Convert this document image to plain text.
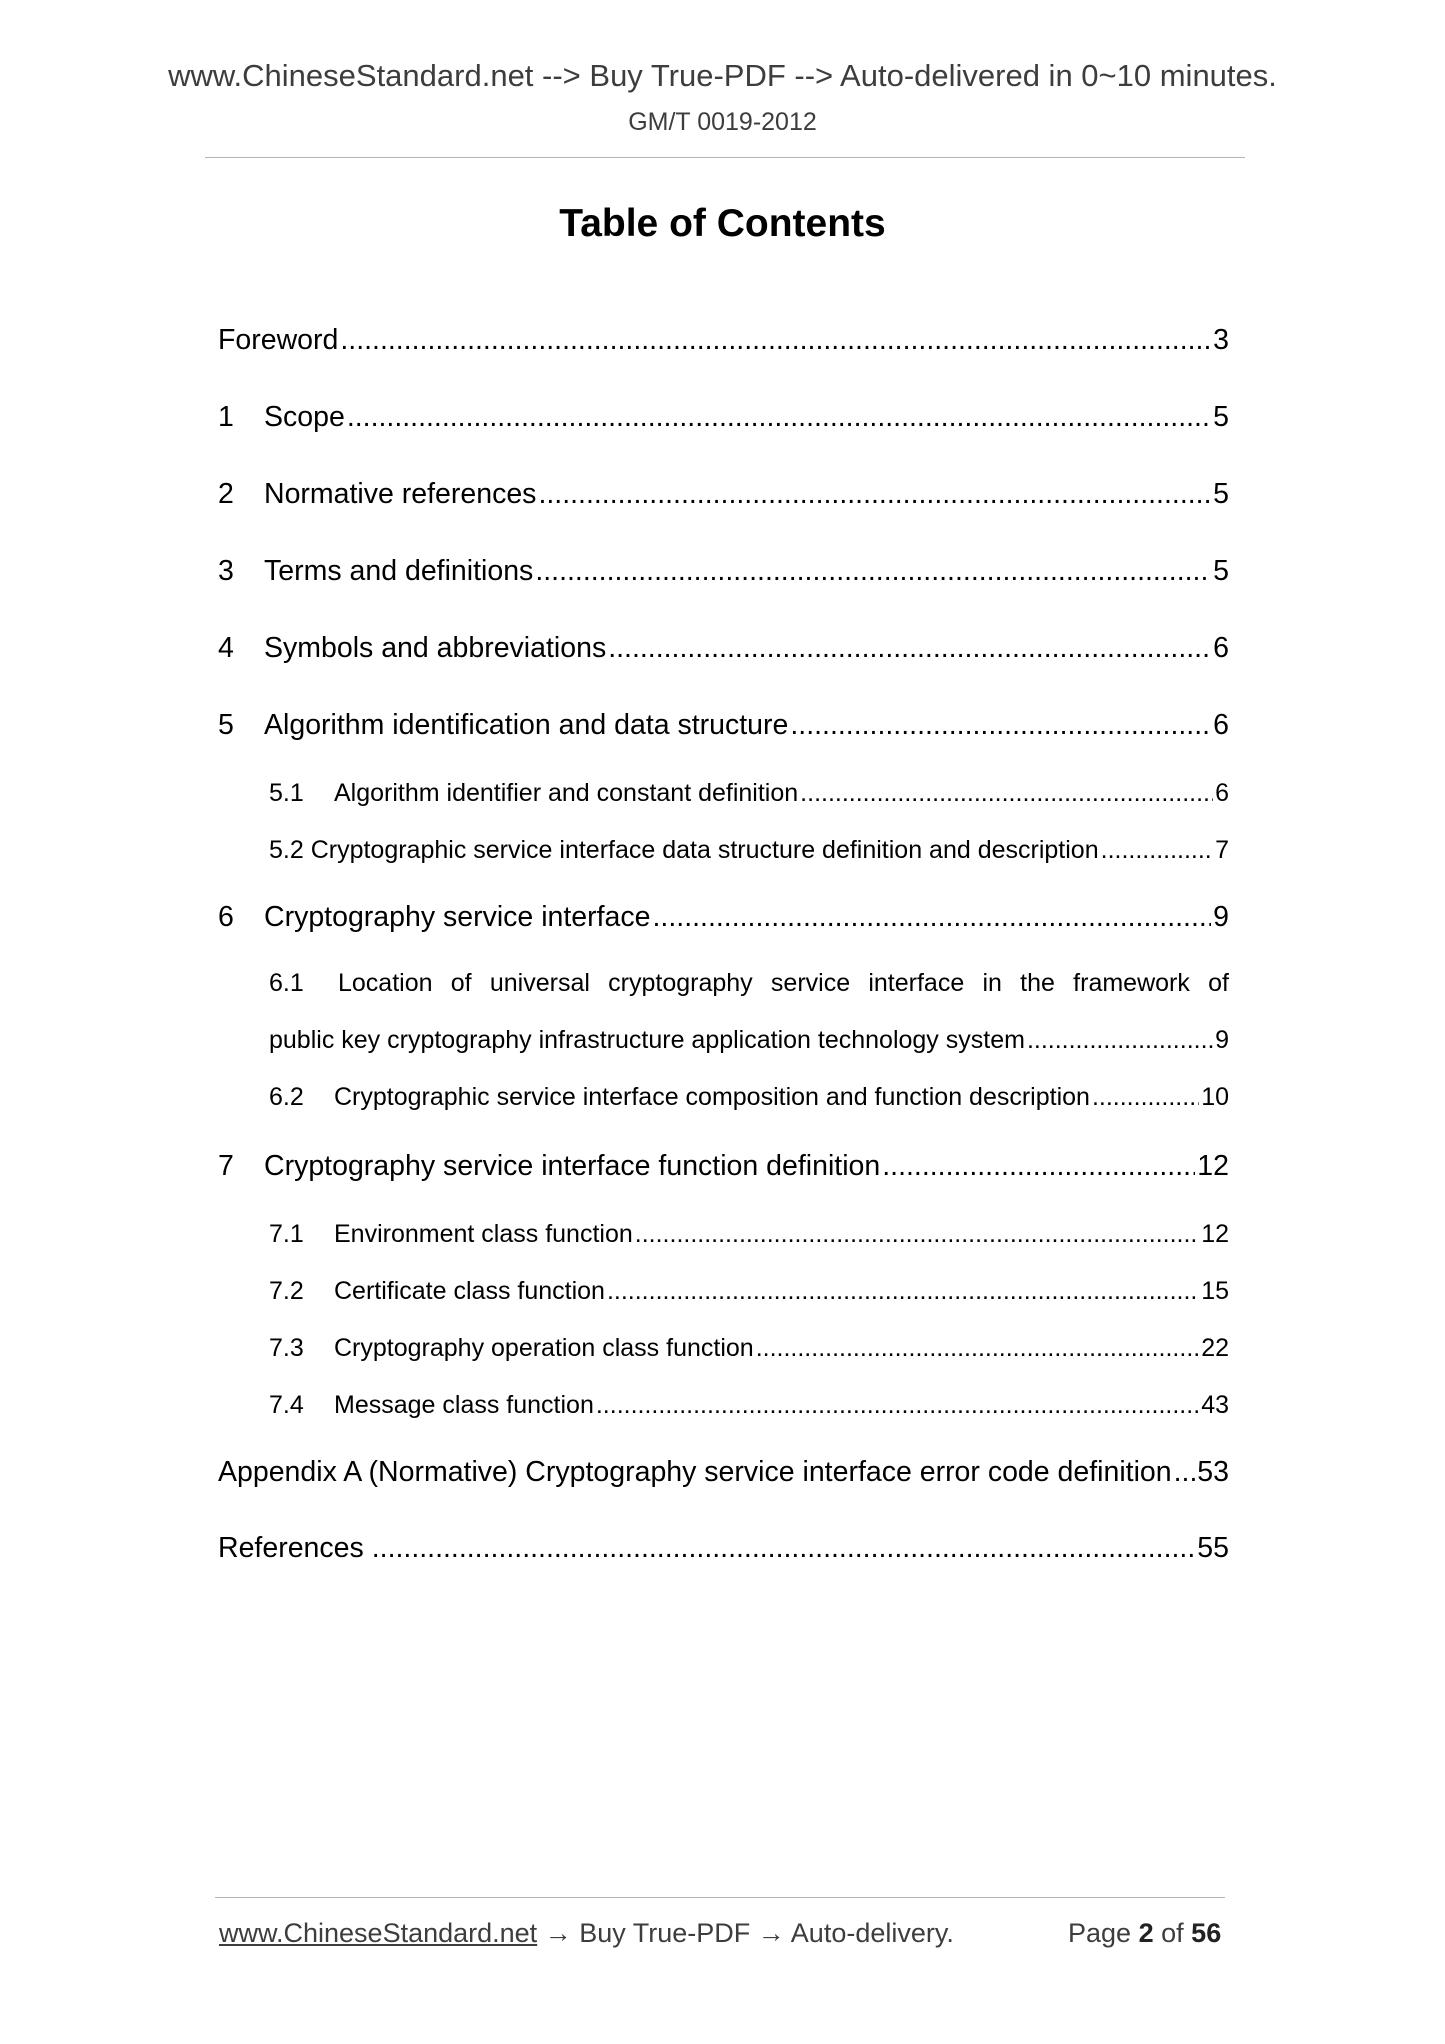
www.ChineseStandard.net --> Buy True-PDF --> Auto-delivered in 0~10 minutes.
GM/T 0019-2012
Table of Contents
Foreword .....	3
1	Scope .....	5
2	Normative references .....	5
3	Terms and definitions .....	5
4	Symbols and abbreviations .....	6
5	Algorithm identification and data structure .....	6
5.1	Algorithm identifier and constant definition .....	6
5.2 Cryptographic service interface data structure definition and description .....	7
6	Cryptography service interface .....	9
6.1 Location of universal cryptography service interface in the framework of
public key cryptography infrastructure application technology system .....	9
6.2	Cryptographic service interface composition and function description .....	10
7	Cryptography service interface function definition .....	12
7.1	Environment class function .....	12
7.2	Certificate class function .....	15
7.3	Cryptography operation class function .....	22
7.4	Message class function .....	43
Appendix A (Normative) Cryptography service interface error code definition ..... 53
References .....	55
www.ChineseStandard.net → Buy True-PDF → Auto-delivery.	Page 2 of 56
